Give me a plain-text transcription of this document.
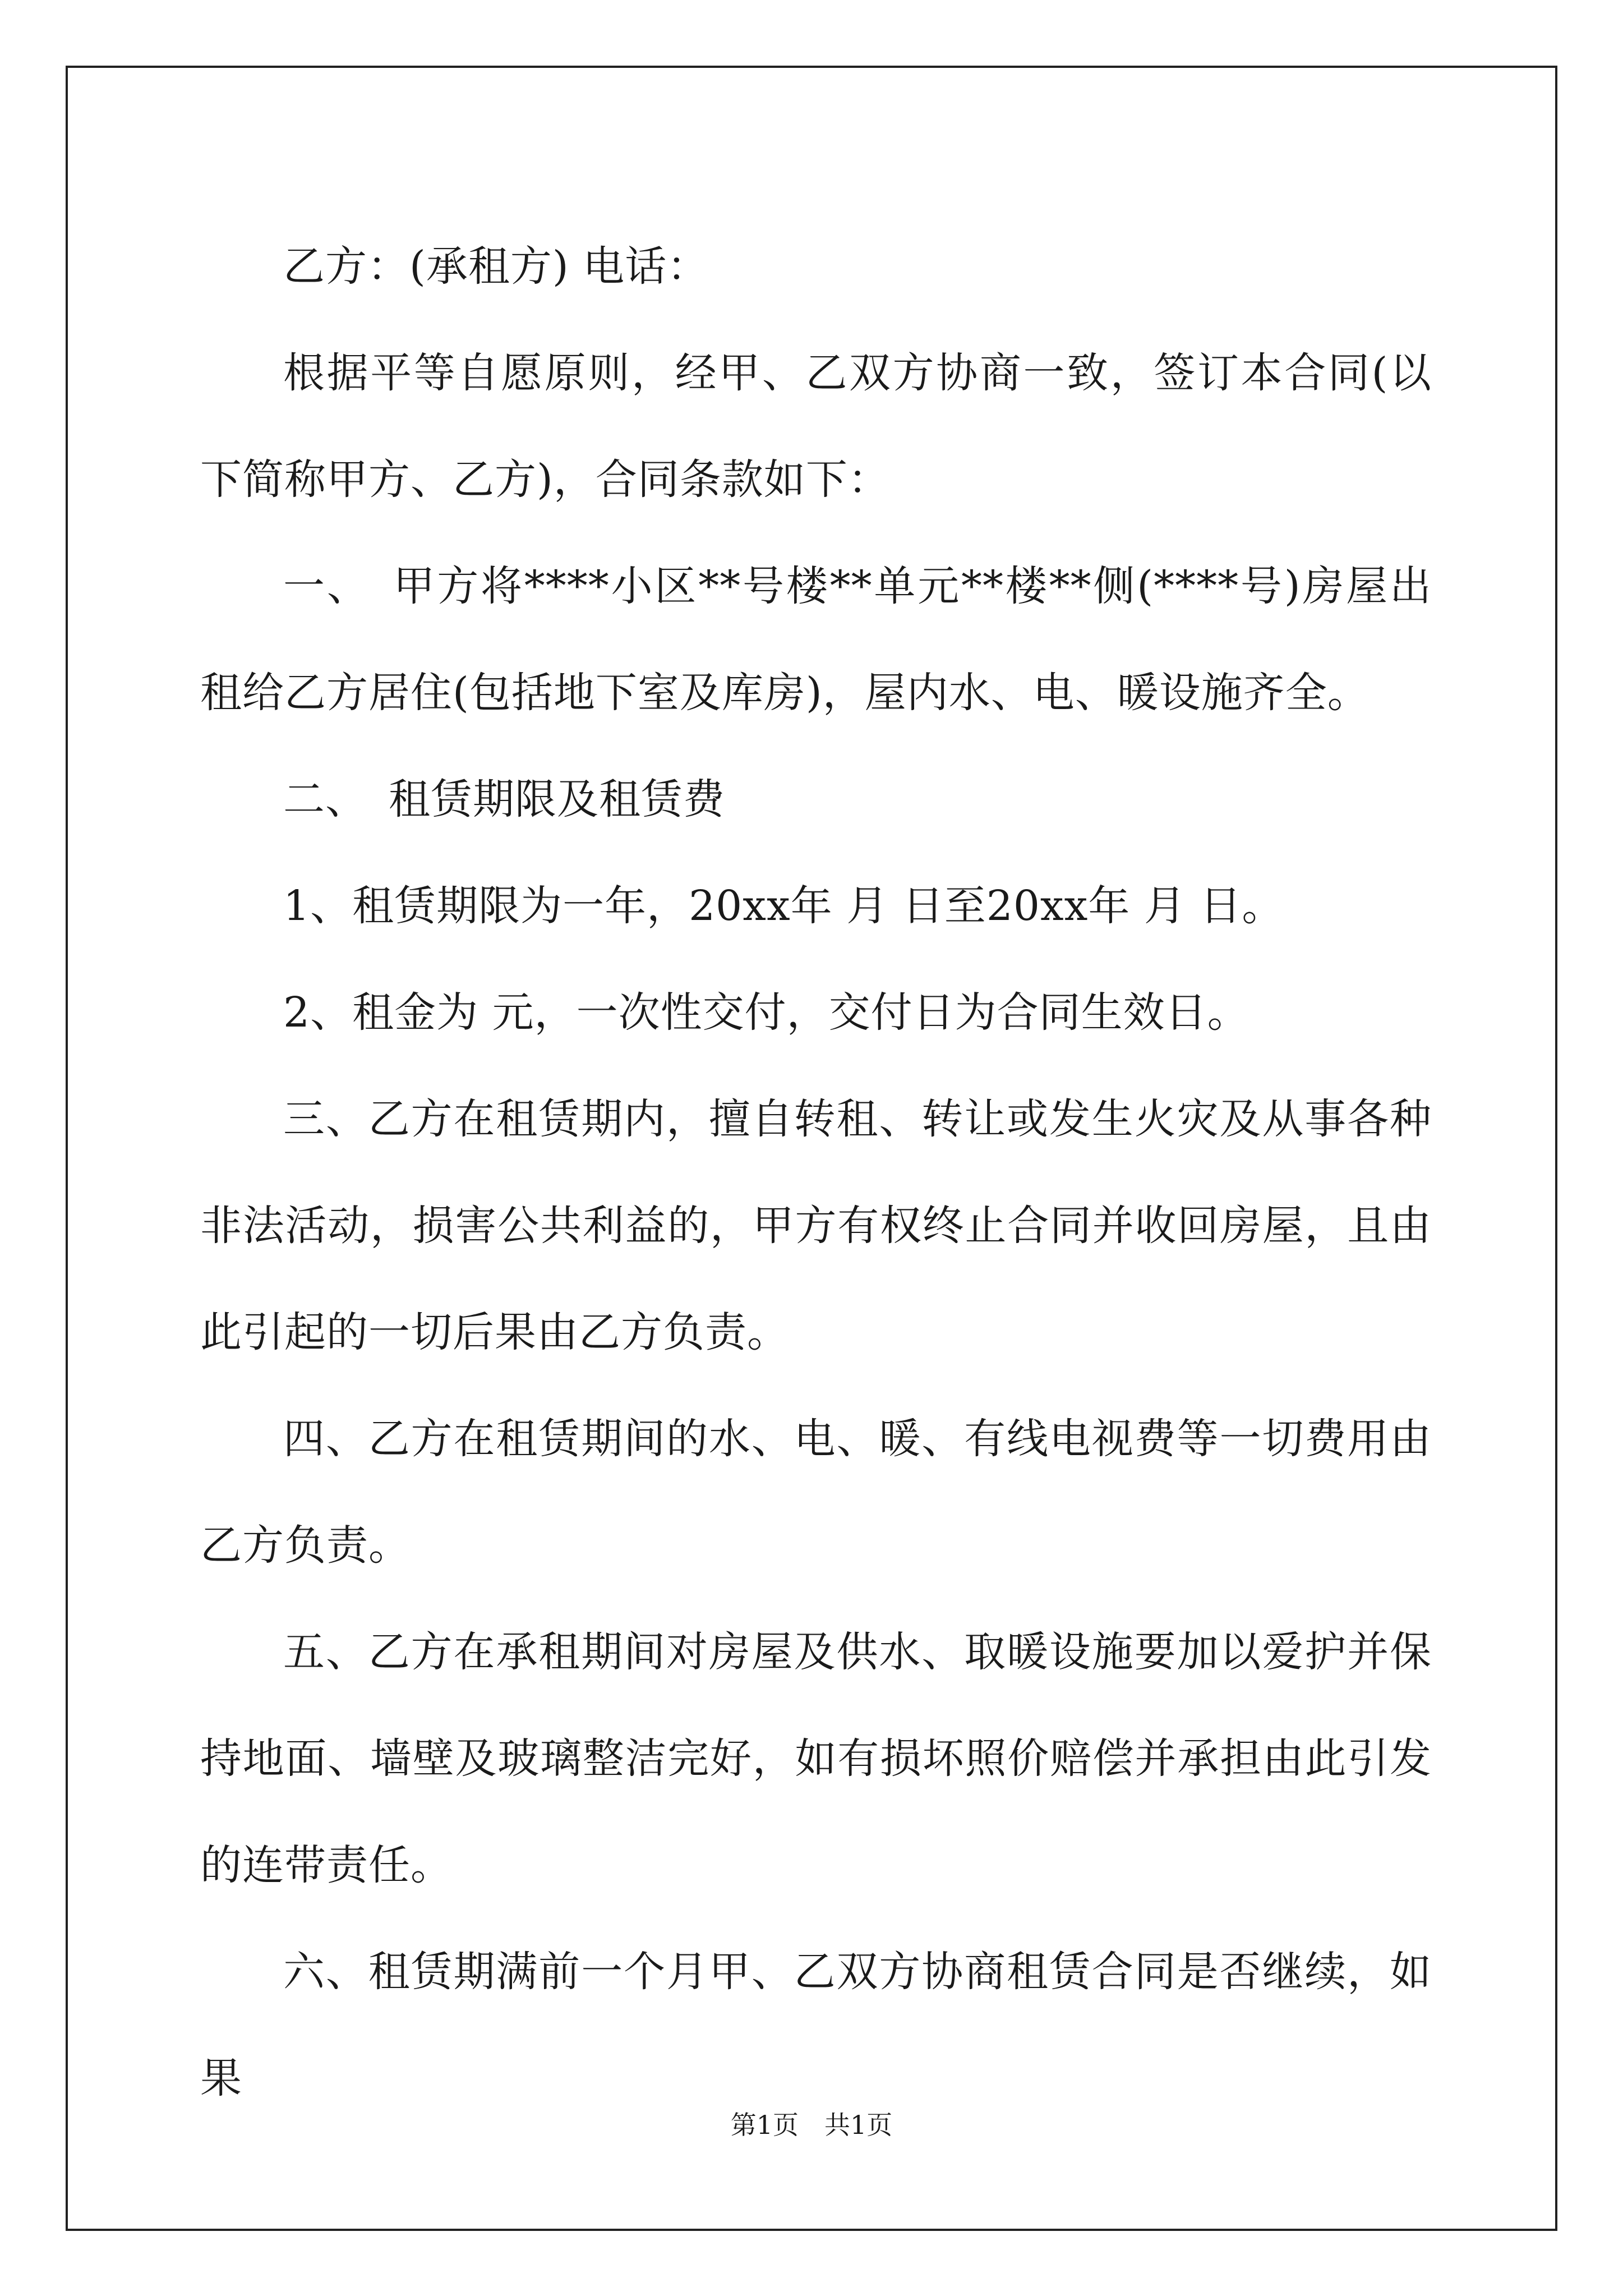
乙方：(承租方) 电话：

根据平等自愿原则，经甲、乙双方协商一致，签订本合同(以下简称甲方、乙方)，合同条款如下：

一、　甲方将****小区**号楼**单元**楼**侧(****号)房屋出租给乙方居住(包括地下室及库房)，屋内水、电、暖设施齐全。

二、　租赁期限及租赁费

1、租赁期限为一年，20xx年 月 日至20xx年 月 日。

2、租金为 元，一次性交付，交付日为合同生效日。

三、乙方在租赁期内，擅自转租、转让或发生火灾及从事各种非法活动，损害公共利益的，甲方有权终止合同并收回房屋，且由此引起的一切后果由乙方负责。

四、乙方在租赁期间的水、电、暖、有线电视费等一切费用由乙方负责。

五、乙方在承租期间对房屋及供水、取暖设施要加以爱护并保持地面、墙壁及玻璃整洁完好，如有损坏照价赔偿并承担由此引发的连带责任。

六、租赁期满前一个月甲、乙双方协商租赁合同是否继续，如果

第1页　共1页
